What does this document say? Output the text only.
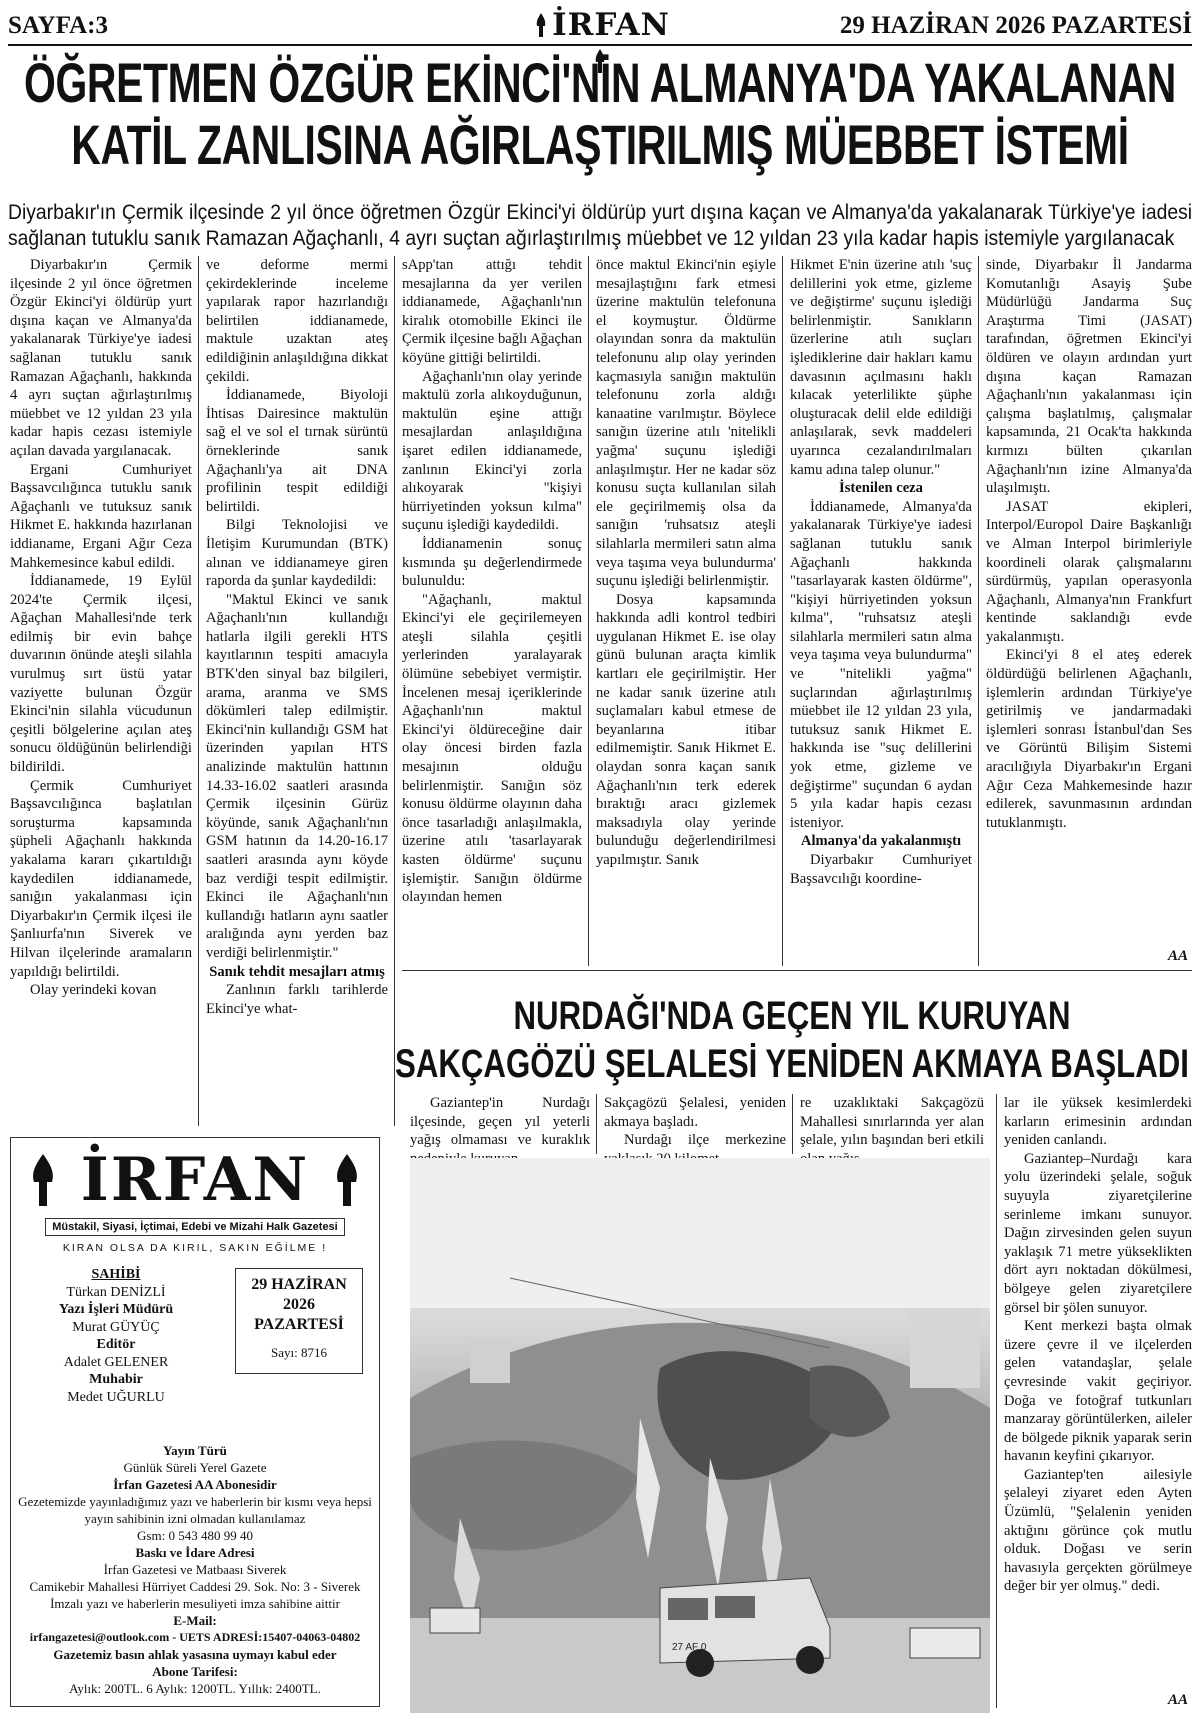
SAYFA:3	İRFAN	29 HAZİRAN 2026 PAZARTESİ
ÖĞRETMEN ÖZGÜR EKİNCİ'NİN ALMANYA'DA YAKALANAN
KATİL ZANLISINA AĞIRLAŞTIRILMIŞ MÜEBBET İSTEMİ
Diyarbakır'ın Çermik ilçesinde 2 yıl önce öğretmen Özgür Ekinci'yi öldürüp yurt dışına kaçan ve Almanya'da yakalanarak Türkiye'ye iadesi sağlanan tutuklu sanık Ramazan Ağaçhanlı, 4 ayrı suçtan ağırlaştırılmış müebbet ve 12 yıldan 23 yıla kadar hapis istemiyle yargılanacak

Diyarbakır'ın Çermik ilçesinde 2 yıl önce öğretmen Özgür Ekinci'yi öldürüp yurt dışına kaçan ve Almanya'da yakalanarak Türkiye'ye iadesi sağlanan tutuklu sanık Ramazan Ağaçhanlı, hakkında 4 ayrı suçtan ağırlaştırılmış müebbet ve 12 yıldan 23 yıla kadar hapis cezası istemiyle açılan davada yargılanacak.

Ergani Cumhuriyet Başsavcılığınca tutuklu sanık Ağaçhanlı ve tutuksuz sanık Hikmet E. hakkında hazırlanan iddianame, Ergani Ağır Ceza Mahkemesince kabul edildi.

İddianamede, 19 Eylül 2024'te Çermik ilçesi, Ağaçhan Mahallesi'nde terk edilmiş bir evin bahçe duvarının önünde ateşli silahla vurulmuş sırt üstü yatar vaziyette bulunan Özgür Ekinci'nin silahla vücudunun çeşitli bölgelerine açılan ateş sonucu öldüğünün belirlendiği bildirildi.

Çermik Cumhuriyet Başsavcılığınca başlatılan soruşturma kapsamında şüpheli Ağaçhanlı hakkında yakalama kararı çıkartıldığı kaydedilen iddianamede, sanığın yakalanması için Diyarbakır'ın Çermik ilçesi ile Şanlıurfa'nın Siverek ve Hilvan ilçelerinde aramaların yapıldığı belirtildi.

Olay yerindeki kovan

ve deforme mermi çekirdeklerinde inceleme yapılarak rapor hazırlandığı belirtilen iddianamede, maktule uzaktan ateş edildiğinin anlaşıldığına dikkat çekildi.

İddianamede, Biyoloji İhtisas Dairesince maktulün sağ el ve sol el tırnak sürüntü örneklerinde sanık Ağaçhanlı'ya ait DNA profilinin tespit edildiği belirtildi.

Bilgi Teknolojisi ve İletişim Kurumundan (BTK) alınan ve iddianameye giren raporda da şunlar kaydedildi:

"Maktul Ekinci ve sanık Ağaçhanlı'nın kullandığı hatlarla ilgili gerekli HTS kayıtlarının tespiti amacıyla BTK'den sinyal baz bilgileri, arama, aranma ve SMS dökümleri talep edilmiştir. Ekinci'nin kullandığı GSM hat üzerinden yapılan HTS analizinde maktulün hattının 14.33-16.02 saatleri arasında Çermik ilçesinin Gürüz köyünde, sanık Ağaçhanlı'nın GSM hatının da 14.20-16.17 saatleri arasında aynı köyde baz verdiği tespit edilmiştir. Ekinci ile Ağaçhanlı'nın kullandığı hatların aynı saatler aralığında aynı yerden baz verdiği belirlenmiştir."

Sanık tehdit mesajları atmış

Zanlının farklı tarihlerde Ekinci'ye what-

sApp'tan attığı tehdit mesajlarına da yer verilen iddianamede, Ağaçhanlı'nın kiralık otomobille Ekinci ile Çermik ilçesine bağlı Ağaçhan köyüne gittiği belirtildi.

Ağaçhanlı'nın olay yerinde maktulü zorla alıkoyduğunun, maktulün eşine attığı mesajlardan anlaşıldığına işaret edilen iddianamede, zanlının Ekinci'yi zorla alıkoyarak "kişiyi hürriyetinden yoksun kılma" suçunu işlediği kaydedildi.

İddianamenin sonuç kısmında şu değerlendirmede bulunuldu:

"Ağaçhanlı, maktul Ekinci'yi ele geçirilemeyen ateşli silahla çeşitli yerlerinden yaralayarak ölümüne sebebiyet vermiştir. İncelenen mesaj içeriklerinde Ağaçhanlı'nın maktul Ekinci'yi öldüreceğine dair olay öncesi birden fazla mesajının olduğu belirlenmiştir. Sanığın söz konusu öldürme olayının daha önce tasarladığı anlaşılmakla, üzerine atılı 'tasarlayarak kasten öldürme' suçunu işlemiştir. Sanığın öldürme olayından hemen

önce maktul Ekinci'nin eşiyle mesajlaştığını fark etmesi üzerine maktulün telefonuna el koymuştur. Öldürme olayından sonra da maktulün telefonunu alıp olay yerinden kaçmasıyla sanığın maktulün telefonunu zorla aldığı kanaatine varılmıştır. Böylece sanığın üzerine atılı 'nitelikli yağma' suçunu işlediği anlaşılmıştır. Her ne kadar söz konusu suçta kullanılan silah ele geçirilmemiş olsa da sanığın 'ruhsatsız ateşli silahlarla mermileri satın alma veya taşıma veya bulundurma' suçunu işlediği belirlenmiştir.

Dosya kapsamında hakkında adli kontrol tedbiri uygulanan Hikmet E. ise olay günü bulunan araçta kimlik kartları ele geçirilmiştir. Her ne kadar sanık üzerine atılı suçlamaları kabul etmese de beyanlarına itibar edilmemiştir. Sanık Hikmet E. olaydan sonra kaçan sanık Ağaçhanlı'nın terk ederek bıraktığı aracı gizlemek maksadıyla olay yerinde bulunduğu değerlendirilmesi yapılmıştır. Sanık

Hikmet E'nin üzerine atılı 'suç delillerini yok etme, gizleme ve değiştirme' suçunu işlediği belirlenmiştir. Sanıkların üzerlerine atılı suçları işlediklerine dair hakları kamu davasının açılmasını haklı kılacak yeterlilikte şüphe oluşturacak delil elde edildiği anlaşılarak, sevk maddeleri uyarınca cezalandırılmaları kamu adına talep olunur."

İstenilen ceza

İddianamede, Almanya'da yakalanarak Türkiye'ye iadesi sağlanan tutuklu sanık Ağaçhanlı hakkında "tasarlayarak kasten öldürme", "kişiyi hürriyetinden yoksun kılma", "ruhsatsız ateşli silahlarla mermileri satın alma veya taşıma veya bulundurma" ve "nitelikli yağma" suçlarından ağırlaştırılmış müebbet ile 12 yıldan 23 yıla, tutuksuz sanık Hikmet E. hakkında ise "suç delillerini yok etme, gizleme ve değiştirme" suçundan 6 aydan 5 yıla kadar hapis cezası isteniyor.

Almanya'da yakalanmıştı

Diyarbakır Cumhuriyet Başsavcılığı koordine-

sinde, Diyarbakır İl Jandarma Komutanlığı Asayiş Şube Müdürlüğü Jandarma Suç Araştırma Timi (JASAT) tarafından, öğretmen Ekinci'yi öldüren ve olayın ardından yurt dışına kaçan Ramazan Ağaçhanlı'nın yakalanması için çalışma başlatılmış, çalışmalar kapsamında, 21 Ocak'ta hakkında kırmızı bülten çıkarılan Ağaçhanlı'nın izine Almanya'da ulaşılmıştı.

JASAT ekipleri, Interpol/Europol Daire Başkanlığı ve Alman Interpol birimleriyle koordineli olarak çalışmalarını sürdürmüş, yapılan operasyonla Ağaçhanlı, Almanya'nın Frankfurt kentinde saklandığı evde yakalanmıştı.

Ekinci'yi 8 el ateş ederek öldürdüğü belirlenen Ağaçhanlı, işlemlerin ardından Türkiye'ye getirilmiş ve jandarmadaki işlemleri sonrası İstanbul'dan Ses ve Görüntü Bilişim Sistemi aracılığıyla Diyarbakır'ın Ergani Ağır Ceza Mahkemesinde hazır edilerek, savunmasının ardından tutuklanmıştı.

AA
NURDAĞI'NDA GEÇEN YIL KURUYAN
SAKÇAGÖZÜ ŞELALESİ YENİDEN AKMAYA BAŞLADI

Gaziantep'in Nurdağı ilçesinde, geçen yıl yeterli yağış olmaması ve kuraklık

Sakçagözü Şelalesi, yeniden akmaya başladı.

Nurdağı ilçe merkezine

re uzaklıktaki Sakçagözü Mahallesi sınırlarında yer alan şelale, yılın başından beri etkili

lar ile yüksek kesimlerdeki karların erimesinin ardından yeniden canlandı.

Gaziantep–Nurdağı kara yolu üzerindeki şelale, soğuk suyuyla ziyaretçilerine serinleme imkanı sunuyor. Dağın zirvesinden gelen suyun yaklaşık 71 metre yükseklikten dört ayrı noktadan dökülmesi, bölgeye gelen ziyaretçilere görsel bir şölen sunuyor.

Kent merkezi başta olmak üzere çevre il ve ilçelerden gelen vatandaşlar, şelale çevresinde vakit geçiriyor. Doğa ve fotoğraf tutkunları manzaray görüntülerken, aileler de bölgede piknik yaparak serin havanın keyfini çıkarıyor.

Gaziantep'ten ailesiyle şelaleyi ziyaret eden Ayten Üzümlü, "Şelalenin yeniden aktığını görünce çok mutlu olduk. Doğası ve serin havasıyla gerçekten görülmeye değer bir yer olmuş." dedi.

AA
27 AF 0
İRFAN
Müstakil, Siyasi, İçtimai, Edebi ve Mizahi Halk Gazetesi
KIRAN OLSA DA KIRIL, SAKIN EĞİLME !
SAHİBİ
Türkan DENİZLİ
Yazı İşleri Müdürü
Murat GÜYÜÇ
Editör
Adalet GELENER
Muhabir
Medet UĞURLU
29 HAZİRAN
2026
PAZARTESİ
Sayı: 8716
Yayın Türü
Günlük Süreli Yerel Gazete
İrfan Gazetesi AA Abonesidir
Gezetemizde yayınladığımız yazı ve haberlerin bir kısmı veya hepsi yayın sahibinin izni olmadan kullanılamaz
Gsm: 0 543 480 99 40
Baskı ve İdare Adresi
İrfan Gazetesi ve Matbaası Siverek
Camikebir Mahallesi Hürriyet Caddesi 29. Sok. No: 3 - Siverek
İmzalı yazı ve haberlerin mesuliyeti imza sahibine aittir
E-Mail:
irfangazetesi@outlook.com - UETS ADRESİ:15407-04063-04802
Gazetemiz basın ahlak yasasına uymayı kabul eder
Abone Tarifesi:
Aylık: 200TL. 6 Aylık: 1200TL. Yıllık: 2400TL.
